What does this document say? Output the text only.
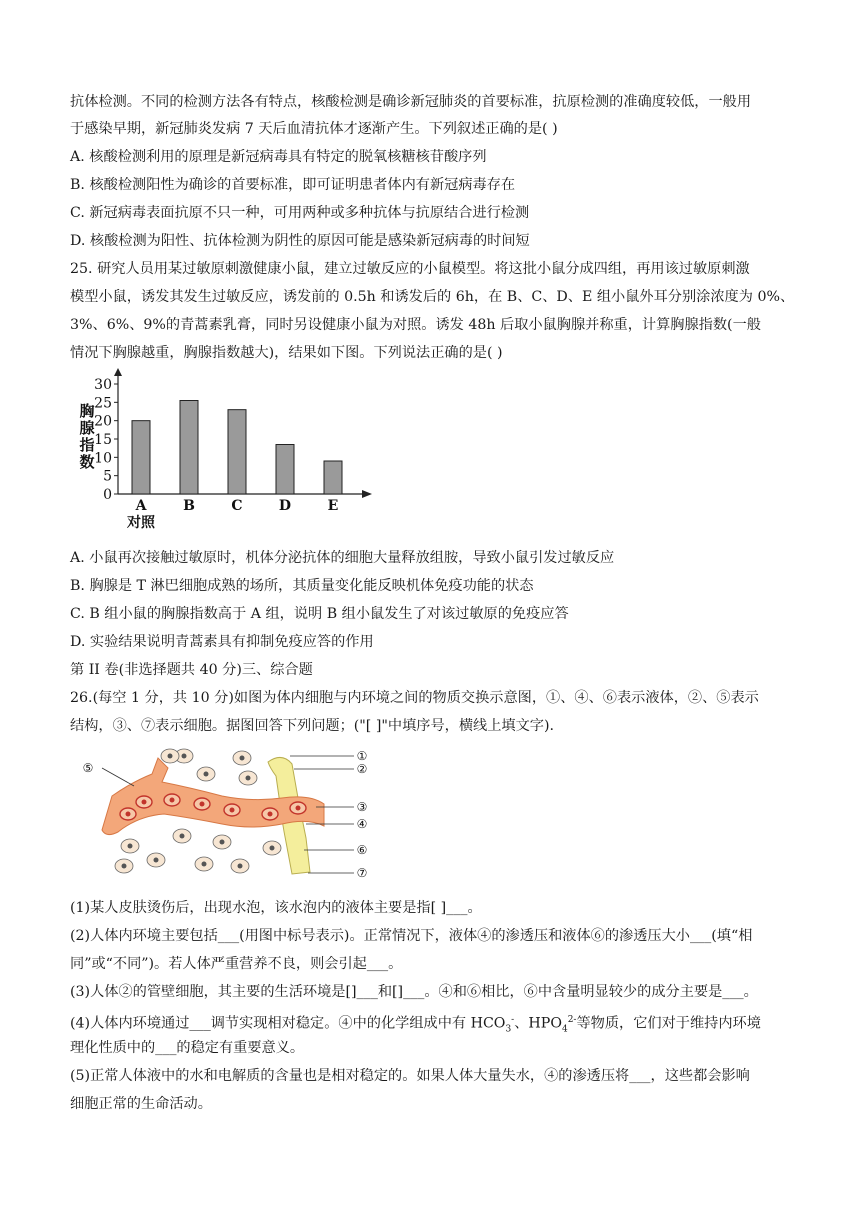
抗体检测。不同的检测方法各有特点，核酸检测是确诊新冠肺炎的首要标准，抗原检测的准确度较低，一般用
于感染早期，新冠肺炎发病 7 天后血清抗体才逐渐产生。下列叙述正确的是( )
A. 核酸检测利用的原理是新冠病毒具有特定的脱氧核糖核苷酸序列
B. 核酸检测阳性为确诊的首要标准，即可证明患者体内有新冠病毒存在
C. 新冠病毒表面抗原不只一种，可用两种或多种抗体与抗原结合进行检测
D. 核酸检测为阳性、抗体检测为阴性的原因可能是感染新冠病毒的时间短
25. 研究人员用某过敏原刺激健康小鼠，建立过敏反应的小鼠模型。将这批小鼠分成四组，再用该过敏原刺激
模型小鼠，诱发其发生过敏反应，诱发前的 0.5h 和诱发后的 6h，在 B、C、D、E 组小鼠外耳分别涂浓度为 0%、
3%、6%、9%的青蒿素乳膏，同时另设健康小鼠为对照。诱发 48h 后取小鼠胸腺并称重，计算胸腺指数(一般
情况下胸腺越重，胸腺指数越大)，结果如下图。下列说法正确的是( )
0
5
10
15
20
25
30
胸
腺
指
数
A	B	C	D	E
对照
A. 小鼠再次接触过敏原时，机体分泌抗体的细胞大量释放组胺，导致小鼠引发过敏反应
B. 胸腺是 T 淋巴细胞成熟的场所，其质量变化能反映机体免疫功能的状态
C. B 组小鼠的胸腺指数高于 A 组，说明 B 组小鼠发生了对该过敏原的免疫应答
D. 实验结果说明青蒿素具有抑制免疫应答的作用
第 II 卷(非选择题共 40 分)三、综合题
26.(每空 1 分，共 10 分)如图为体内细胞与内环境之间的物质交换示意图，①、④、⑥表示液体，②、⑤表示
结构，③、⑦表示细胞。据图回答下列问题；("[ ]"中填序号，横线上填文字).
①
②
③
④
⑥
⑦
⑤
(1)某人皮肤烫伤后，出现水泡，该水泡内的液体主要是指[ ]___。
(2)人体内环境主要包括___(用图中标号表示)。正常情况下，液体④的渗透压和液体⑥的渗透压大小___(填“相
同”或“不同”)。若人体严重营养不良，则会引起___。
(3)人体②的管壁细胞，其主要的生活环境是[]___和[]___。④和⑥相比，⑥中含量明显较少的成分主要是___。
(4)人体内环境通过___调节实现相对稳定。④中的化学组成中有 $HCO_3^-$、$HPO_4^{2-}$等物质，它们对于维持内环境
理化性质中的___的稳定有重要意义。
(5)正常人体液中的水和电解质的含量也是相对稳定的。如果人体大量失水，④的渗透压将___，这些都会影响
细胞正常的生命活动。
